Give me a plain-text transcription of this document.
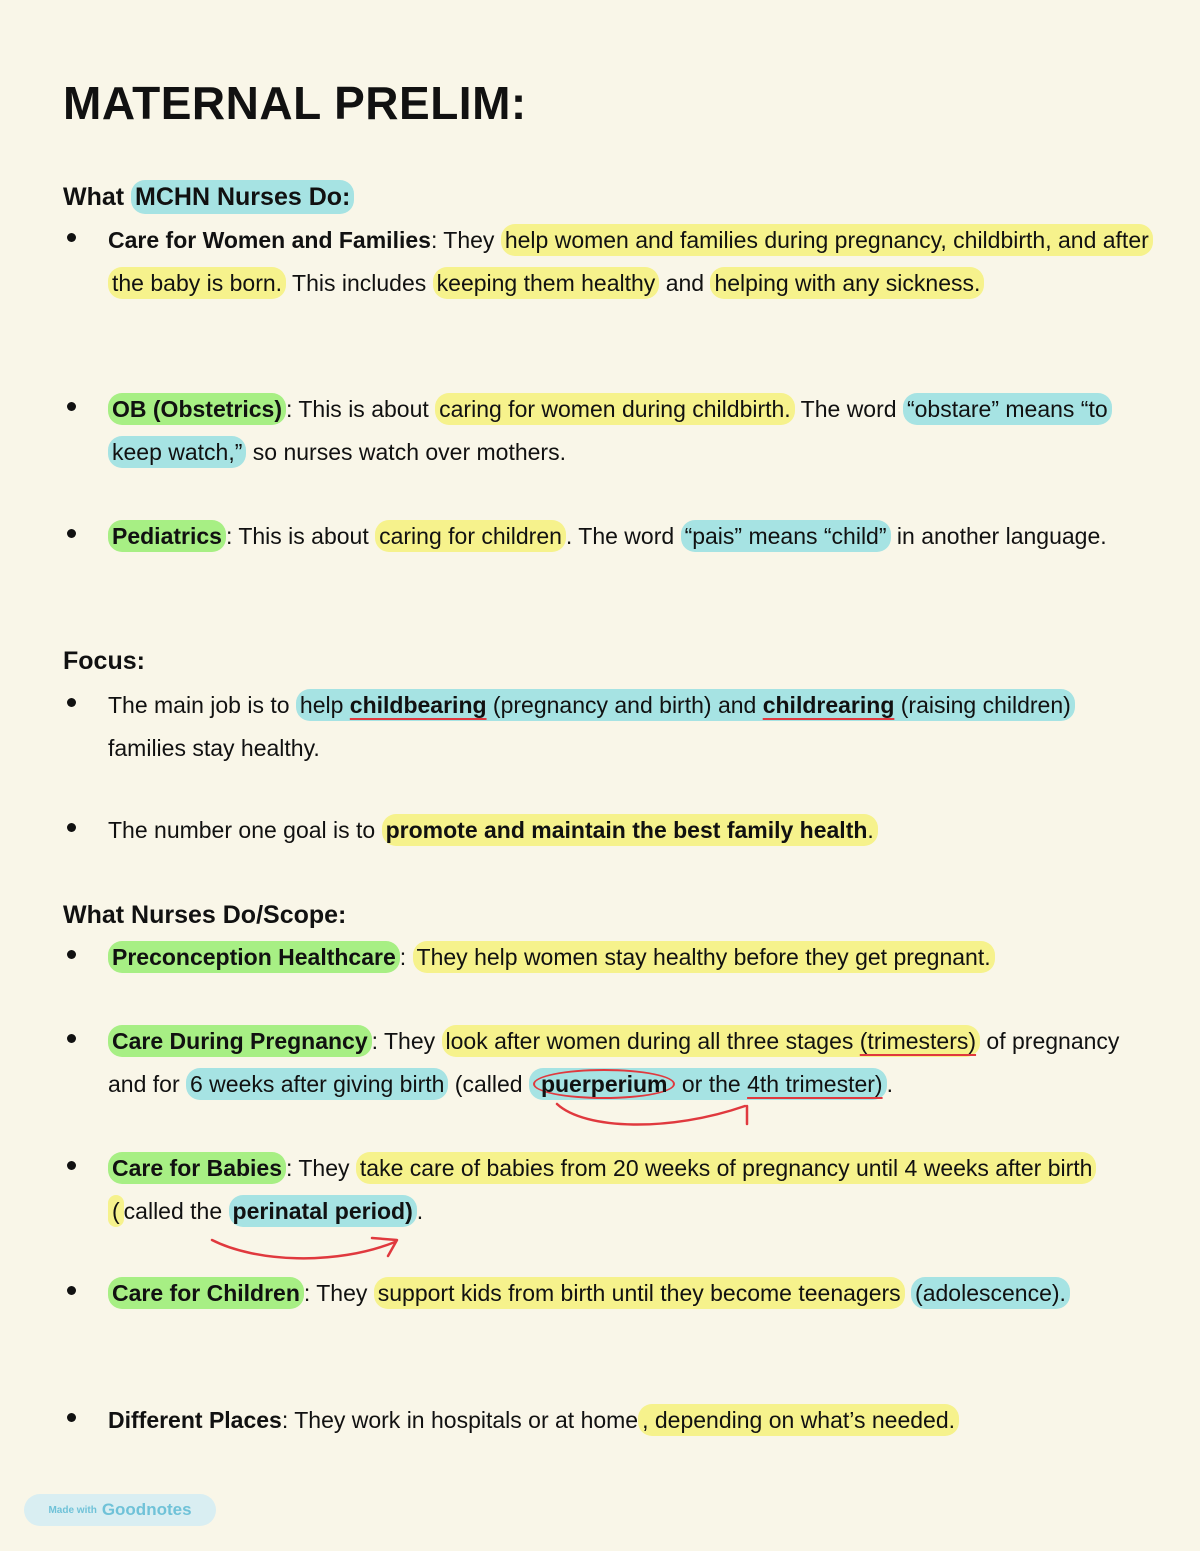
MATERNAL PRELIM:
What MCHN Nurses Do:

Care for Women and Families: They help women and families during pregnancy, childbirth, and after the baby is born. This includes keeping them healthy and helping with any sickness.

OB (Obstetrics) : This is about caring for women during childbirth. The word “obstare” means “to keep watch,” so nurses watch over mothers.

Pediatrics : This is about caring for children . The word “pais” means “child” in another language.

Focus:

The main job is to help childbearing (pregnancy and birth) and childrearing (raising children) families stay healthy.

The number one goal is to promote and maintain the best family health.

What Nurses Do/Scope:

Preconception Healthcare : They help women stay healthy before they get pregnant.

Care During Pregnancy : They look after women during all three stages (trimesters) of pregnancy and for 6 weeks after giving birth (called puerperium or the 4th trimester) .

Care for Babies : They take care of babies from 20 weeks of pregnancy until 4 weeks after birth ( called the perinatal period) .

Care for Children : They support kids from birth until they become teenagers (adolescence).

Different Places: They work in hospitals or at home , depending on what’s needed.

Made with Goodnotes
